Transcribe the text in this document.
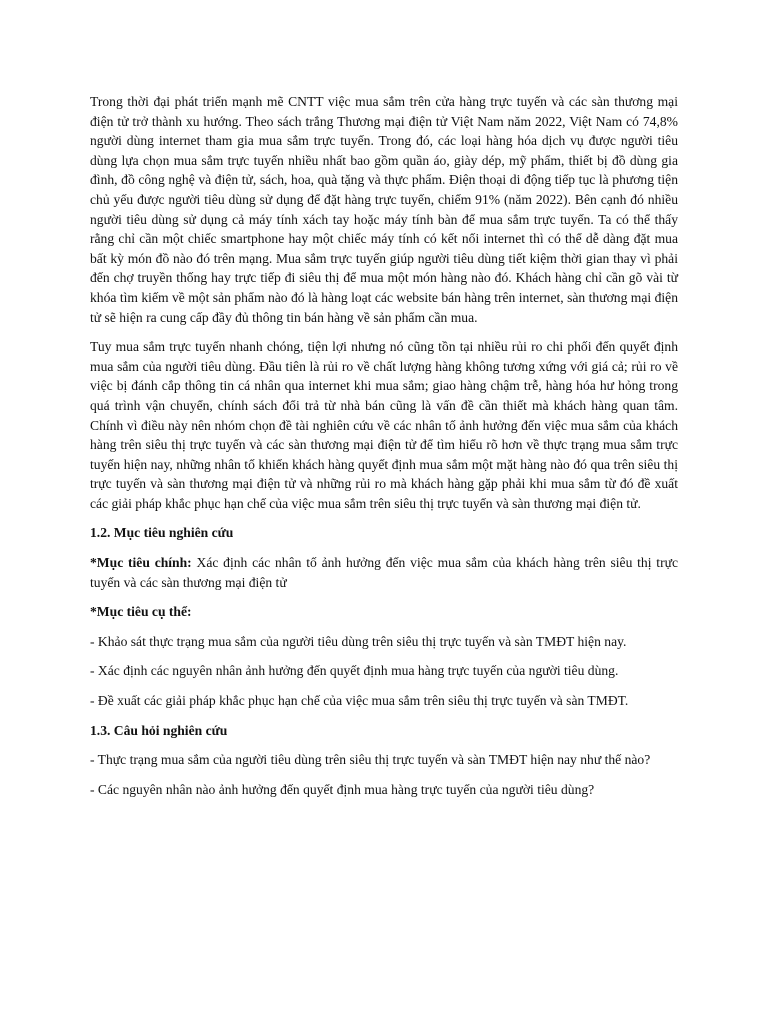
Trong thời đại phát triển mạnh mẽ CNTT việc mua sắm trên cửa hàng trực tuyến và các sàn thương mại điện tử trở thành xu hướng. Theo sách trắng Thương mại điện tử Việt Nam năm 2022, Việt Nam có 74,8% người dùng internet tham gia mua sắm trực tuyến. Trong đó, các loại hàng hóa dịch vụ được người tiêu dùng lựa chọn mua sắm trực tuyến nhiều nhất bao gồm quần áo, giày dép, mỹ phẩm, thiết bị đồ dùng gia đình, đồ công nghệ và điện tử, sách, hoa, quà tặng và thực phẩm. Điện thoại di động tiếp tục là phương tiện chủ yếu được người tiêu dùng sử dụng để đặt hàng trực tuyến, chiếm 91% (năm 2022). Bên cạnh đó nhiều người tiêu dùng sử dụng cả máy tính xách tay hoặc máy tính bàn để mua sắm trực tuyến. Ta có thể thấy rằng chỉ cần một chiếc smartphone hay một chiếc máy tính có kết nối internet thì có thể dễ dàng đặt mua bất kỳ món đồ nào đó trên mạng. Mua sắm trực tuyến giúp người tiêu dùng tiết kiệm thời gian thay vì phải đến chợ truyền thống hay trực tiếp đi siêu thị để mua một món hàng nào đó. Khách hàng chỉ cần gõ vài từ khóa tìm kiếm về một sản phẩm nào đó là hàng loạt các website bán hàng trên internet, sàn thương mại điện tử sẽ hiện ra cung cấp đầy đủ thông tin bán hàng về sản phẩm cần mua.

Tuy mua sắm trực tuyến nhanh chóng, tiện lợi nhưng nó cũng tồn tại nhiều rủi ro chi phối đến quyết định mua sắm của người tiêu dùng. Đầu tiên là rủi ro về chất lượng hàng không tương xứng với giá cả; rủi ro về việc bị đánh cắp thông tin cá nhân qua internet khi mua sắm; giao hàng chậm trễ, hàng hóa hư hỏng trong quá trình vận chuyển, chính sách đổi trả từ nhà bán cũng là vấn đề cần thiết mà khách hàng quan tâm. Chính vì điều này nên nhóm chọn đề tài nghiên cứu về các nhân tố ảnh hưởng đến việc mua sắm của khách hàng trên siêu thị trực tuyến và các sàn thương mại điện tử để tìm hiểu rõ hơn về thực trạng mua sắm trực tuyến hiện nay, những nhân tố khiến khách hàng quyết định mua sắm một mặt hàng nào đó qua trên siêu thị trực tuyến và sàn thương mại điện tử và những rủi ro mà khách hàng gặp phải khi mua sắm từ đó đề xuất các giải pháp khắc phục hạn chế của việc mua sắm trên siêu thị trực tuyến và sàn thương mại điện tử.

1.2. Mục tiêu nghiên cứu

*Mục tiêu chính: Xác định các nhân tố ảnh hưởng đến việc mua sắm của khách hàng trên siêu thị trực tuyến và các sàn thương mại điện tử

*Mục tiêu cụ thể:

- Khảo sát thực trạng mua sắm của người tiêu dùng trên siêu thị trực tuyến và sàn TMĐT hiện nay.

- Xác định các nguyên nhân ảnh hưởng đến quyết định mua hàng trực tuyến của người tiêu dùng.

- Đề xuất các giải pháp khắc phục hạn chế của việc mua sắm trên siêu thị trực tuyến và sàn TMĐT.

1.3. Câu hỏi nghiên cứu

- Thực trạng mua sắm của người tiêu dùng trên siêu thị trực tuyến và sàn TMĐT hiện nay như thế nào?

- Các nguyên nhân nào ảnh hưởng đến quyết định mua hàng trực tuyến của người tiêu dùng?
